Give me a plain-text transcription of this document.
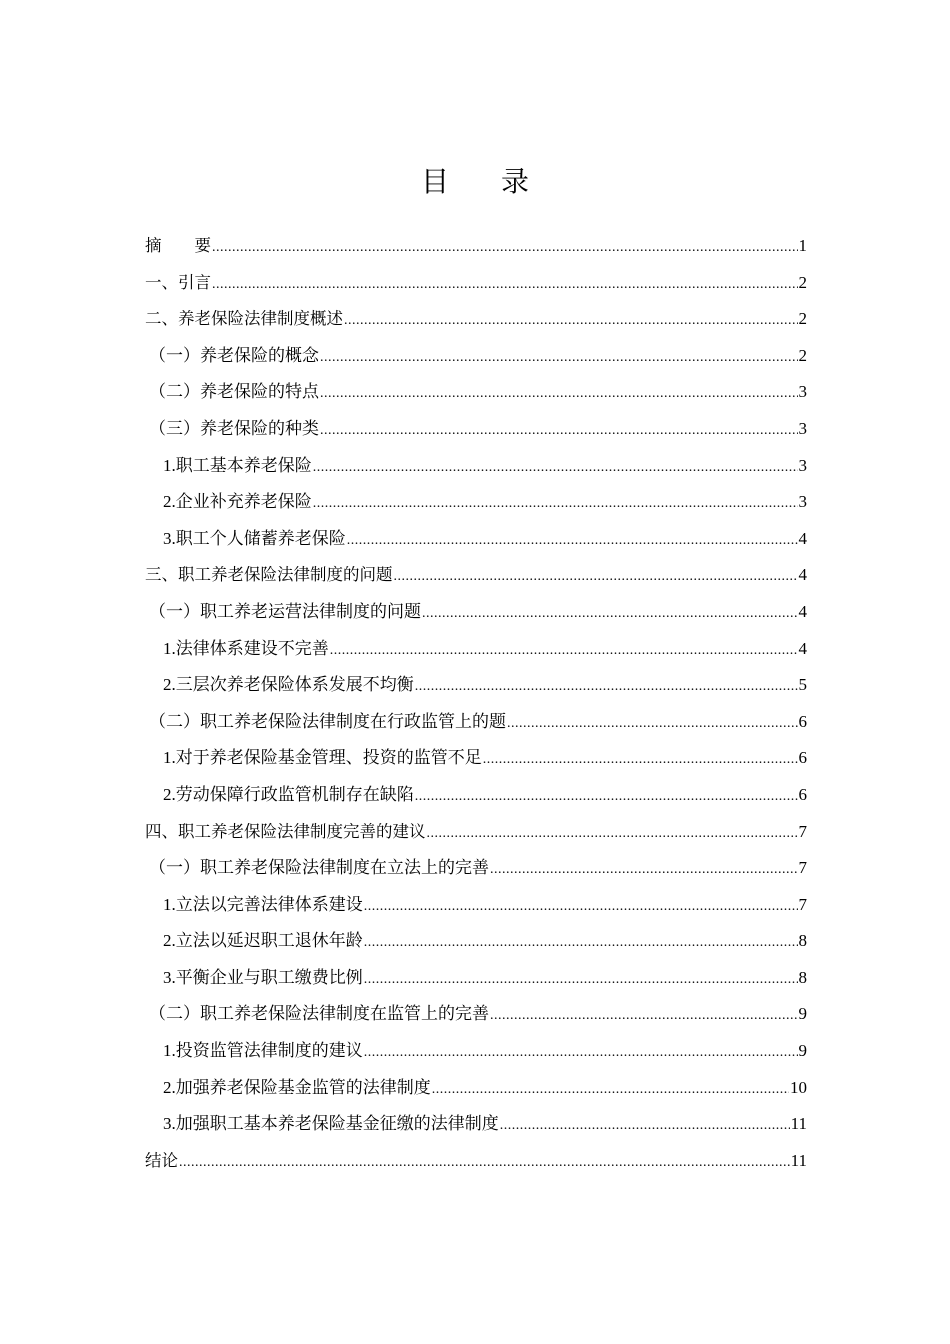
目 录
摘　　要 .....	1
一、引言 .....	2
二、养老保险法律制度概述 .....	2
（一）养老保险的概念 .....	2
（二）养老保险的特点 .....	3
（三）养老保险的种类 .....	3
1.职工基本养老保险 .....	3
2.企业补充养老保险 .....	3
3.职工个人储蓄养老保险 .....	4
三、职工养老保险法律制度的问题 .....	4
（一）职工养老运营法律制度的问题 .....	4
1.法律体系建设不完善 .....	4
2.三层次养老保险体系发展不均衡 .....	5
（二）职工养老保险法律制度在行政监管上的题 .....	6
1.对于养老保险基金管理、投资的监管不足 .....	6
2.劳动保障行政监管机制存在缺陷 .....	6
四、职工养老保险法律制度完善的建议 .....	7
（一）职工养老保险法律制度在立法上的完善 .....	7
1.立法以完善法律体系建设 .....	7
2.立法以延迟职工退休年龄 .....	8
3.平衡企业与职工缴费比例 .....	8
（二）职工养老保险法律制度在监管上的完善 .....	9
1.投资监管法律制度的建议 .....	9
2.加强养老保险基金监管的法律制度 .....	10
3.加强职工基本养老保险基金征缴的法律制度 .....	11
结论 .....	11
